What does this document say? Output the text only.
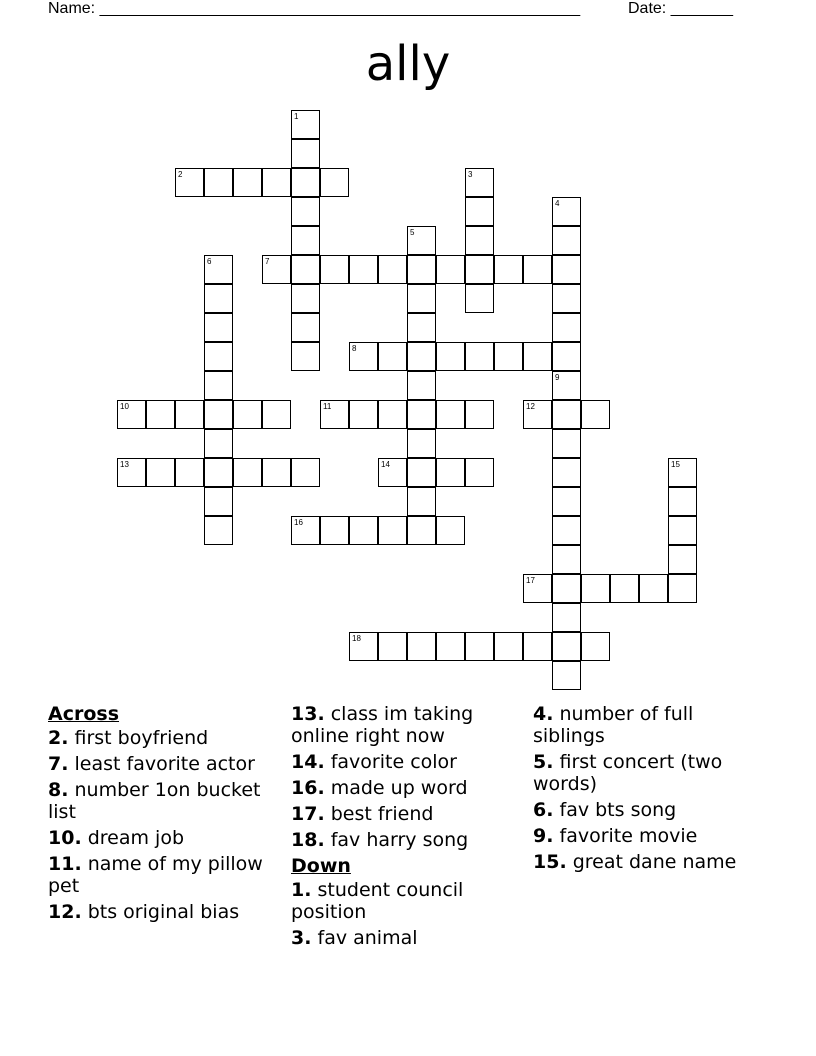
Name: ______________________________________________________	Date: _______
ally
1
2	3
4
5
6	7
8
9
10	11	12
13	14	15
16
17
18
Across
2. first boyfriend
7. least favorite actor
8. number 1on bucket list
10. dream job
11. name of my pillow pet
12. bts original bias
13. class im taking online right now
14. favorite color
16. made up word
17. best friend
18. fav harry song
Down
1. student council position
3. fav animal
4. number of full siblings
5. first concert (two words)
6. fav bts song
9. favorite movie
15. great dane name
